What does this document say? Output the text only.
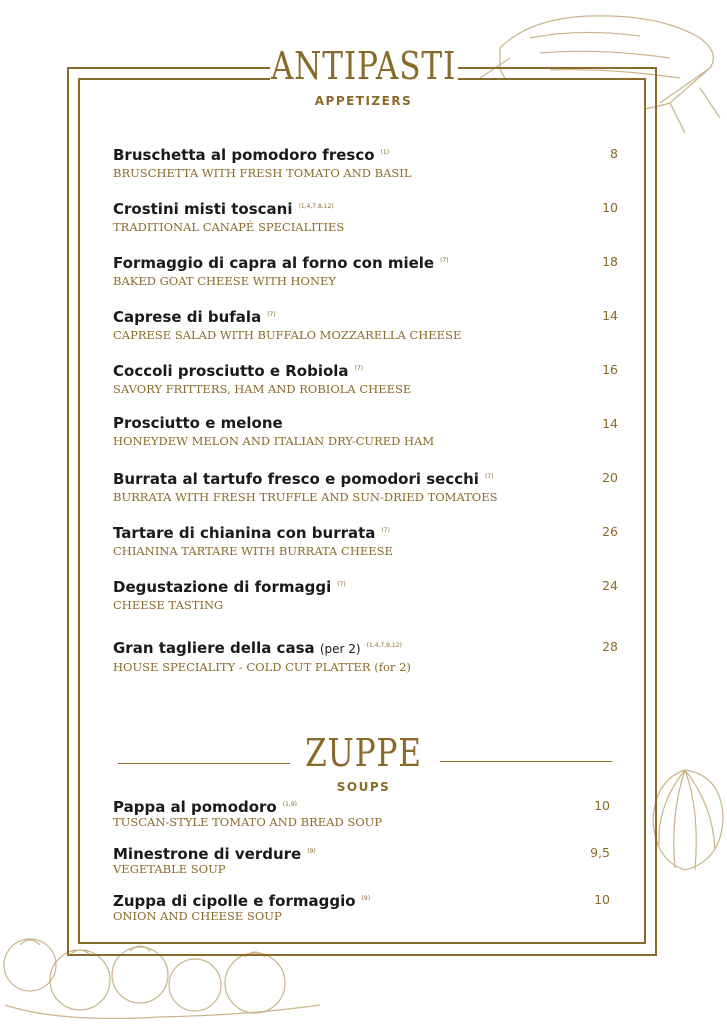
ANTIPASTI
APPETIZERS
Bruschetta al pomodoro fresco $^{(1)}$
BRUSCHETTA WITH FRESH TOMATO AND BASIL
8
Crostini misti toscani $^{(1,4,7,8,12)}$
TRADITIONAL CANAPÉ SPECIALITIES
10
Formaggio di capra al forno con miele $^{(7)}$
BAKED GOAT CHEESE WITH HONEY
18
Caprese di bufala $^{(7)}$
CAPRESE SALAD WITH BUFFALO MOZZARELLA CHEESE
14
Coccoli prosciutto e Robiola $^{(7)}$
SAVORY FRITTERS, HAM AND ROBIOLA CHEESE
16
Prosciutto e melone
HONEYDEW MELON AND ITALIAN DRY-CURED HAM
14
Burrata al tartufo fresco e pomodori secchi $^{(7)}$
BURRATA WITH FRESH TRUFFLE AND SUN-DRIED TOMATOES
20
Tartare di chianina con burrata $^{(7)}$
CHIANINA TARTARE WITH BURRATA CHEESE
26
Degustazione di formaggi $^{(7)}$
CHEESE TASTING
24
Gran tagliere della casa (per 2) $^{(1,4,7,9,12)}$
HOUSE SPECIALITY - COLD CUT PLATTER (for 2)
28
ZUPPE
SOUPS
Pappa al pomodoro $^{(1,9)}$
TUSCAN-STYLE TOMATO AND BREAD SOUP
10
Minestrone di verdure $^{(9)}$
VEGETABLE SOUP
9,5
Zuppa di cipolle e formaggio $^{(9)}$
ONION AND CHEESE SOUP
10
